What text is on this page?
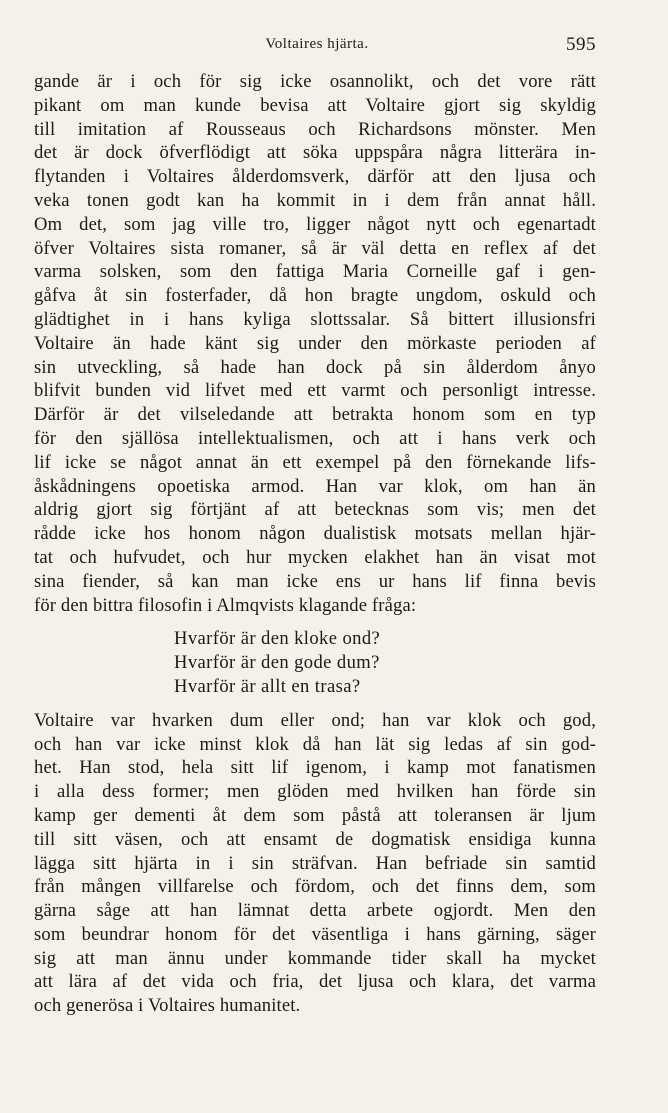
Voltaires hjärta.	595
gande är i och för sig icke osannolikt, och det vore rätt
pikant om man kunde bevisa att Voltaire gjort sig skyldig
till imitation af Rousseaus och Richardsons mönster. Men
det är dock öfverflödigt att söka uppspåra några litterära in-
flytanden i Voltaires ålderdomsverk, därför att den ljusa och
veka tonen godt kan ha kommit in i dem från annat håll.
Om det, som jag ville tro, ligger något nytt och egenartadt
öfver Voltaires sista romaner, så är väl detta en reflex af det
varma solsken, som den fattiga Maria Corneille gaf i gen-
gåfva åt sin fosterfader, då hon bragte ungdom, oskuld och
glädtighet in i hans kyliga slottssalar. Så bittert illusionsfri
Voltaire än hade känt sig under den mörkaste perioden af
sin utveckling, så hade han dock på sin ålderdom ånyo
blifvit bunden vid lifvet med ett varmt och personligt intresse.
Därför är det vilseledande att betrakta honom som en typ
för den själlösa intellektualismen, och att i hans verk och
lif icke se något annat än ett exempel på den förnekande lifs-
åskådningens opoetiska armod. Han var klok, om han än
aldrig gjort sig förtjänt af att betecknas som vis; men det
rådde icke hos honom någon dualistisk motsats mellan hjär-
tat och hufvudet, och hur mycken elakhet han än visat mot
sina fiender, så kan man icke ens ur hans lif finna bevis
för den bittra filosofin i Almqvists klagande fråga:
Hvarför är den kloke ond?
Hvarför är den gode dum?
Hvarför är allt en trasa?
Voltaire var hvarken dum eller ond; han var klok och god,
och han var icke minst klok då han lät sig ledas af sin god-
het. Han stod, hela sitt lif igenom, i kamp mot fanatismen
i alla dess former; men glöden med hvilken han förde sin
kamp ger dementi åt dem som påstå att toleransen är ljum
till sitt väsen, och att ensamt de dogmatisk ensidiga kunna
lägga sitt hjärta in i sin sträfvan. Han befriade sin samtid
från mången villfarelse och fördom, och det finns dem, som
gärna såge att han lämnat detta arbete ogjordt. Men den
som beundrar honom för det väsentliga i hans gärning, säger
sig att man ännu under kommande tider skall ha mycket
att lära af det vida och fria, det ljusa och klara, det varma
och generösa i Voltaires humanitet.
